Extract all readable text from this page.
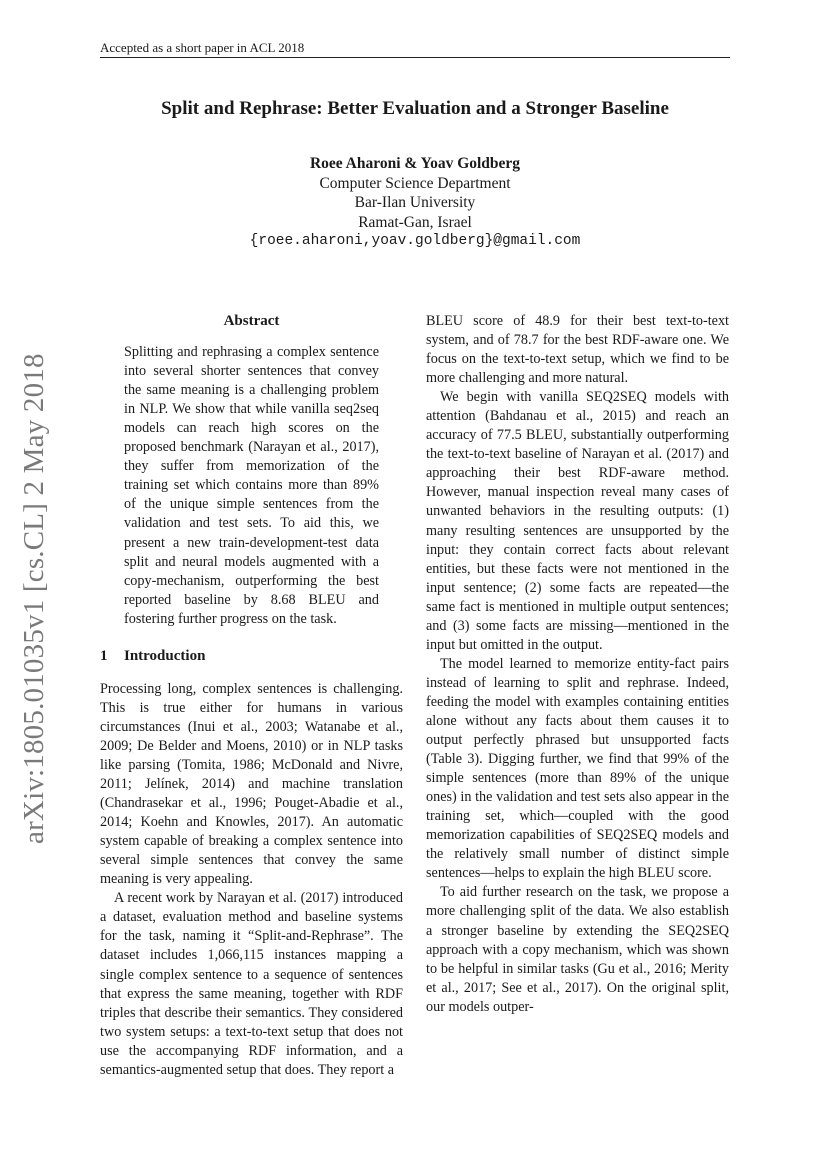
Accepted as a short paper in ACL 2018
Split and Rephrase: Better Evaluation and a Stronger Baseline
Roee Aharoni & Yoav Goldberg
Computer Science Department
Bar-Ilan University
Ramat-Gan, Israel
{roee.aharoni,yoav.goldberg}@gmail.com
arXiv:1805.01035v1 [cs.CL] 2 May 2018
Abstract
Splitting and rephrasing a complex sentence into several shorter sentences that convey the same meaning is a challenging problem in NLP. We show that while vanilla seq2seq models can reach high scores on the proposed benchmark (Narayan et al., 2017), they suffer from memorization of the training set which contains more than 89% of the unique simple sentences from the validation and test sets. To aid this, we present a new train-development-test data split and neural models augmented with a copy-mechanism, outperforming the best reported baseline by 8.68 BLEU and fostering further progress on the task.
1 Introduction

Processing long, complex sentences is challenging. This is true either for humans in various circumstances (Inui et al., 2003; Watanabe et al., 2009; De Belder and Moens, 2010) or in NLP tasks like parsing (Tomita, 1986; McDonald and Nivre, 2011; Jelínek, 2014) and machine translation (Chandrasekar et al., 1996; Pouget-Abadie et al., 2014; Koehn and Knowles, 2017). An automatic system capable of breaking a complex sentence into several simple sentences that convey the same meaning is very appealing.

A recent work by Narayan et al. (2017) introduced a dataset, evaluation method and baseline systems for the task, naming it “Split-and-Rephrase”. The dataset includes 1,066,115 instances mapping a single complex sentence to a sequence of sentences that express the same meaning, together with RDF triples that describe their semantics. They considered two system setups: a text-to-text setup that does not use the accompanying RDF information, and a semantics-augmented setup that does. They report a

BLEU score of 48.9 for their best text-to-text system, and of 78.7 for the best RDF-aware one. We focus on the text-to-text setup, which we find to be more challenging and more natural.

We begin with vanilla SEQ2SEQ models with attention (Bahdanau et al., 2015) and reach an accuracy of 77.5 BLEU, substantially outperforming the text-to-text baseline of Narayan et al. (2017) and approaching their best RDF-aware method. However, manual inspection reveal many cases of unwanted behaviors in the resulting outputs: (1) many resulting sentences are unsupported by the input: they contain correct facts about relevant entities, but these facts were not mentioned in the input sentence; (2) some facts are repeated—the same fact is mentioned in multiple output sentences; and (3) some facts are missing—mentioned in the input but omitted in the output.

The model learned to memorize entity-fact pairs instead of learning to split and rephrase. Indeed, feeding the model with examples containing entities alone without any facts about them causes it to output perfectly phrased but unsupported facts (Table 3). Digging further, we find that 99% of the simple sentences (more than 89% of the unique ones) in the validation and test sets also appear in the training set, which—coupled with the good memorization capabilities of SEQ2SEQ models and the relatively small number of distinct simple sentences—helps to explain the high BLEU score.

To aid further research on the task, we propose a more challenging split of the data. We also establish a stronger baseline by extending the SEQ2SEQ approach with a copy mechanism, which was shown to be helpful in similar tasks (Gu et al., 2016; Merity et al., 2017; See et al., 2017). On the original split, our models outper-
